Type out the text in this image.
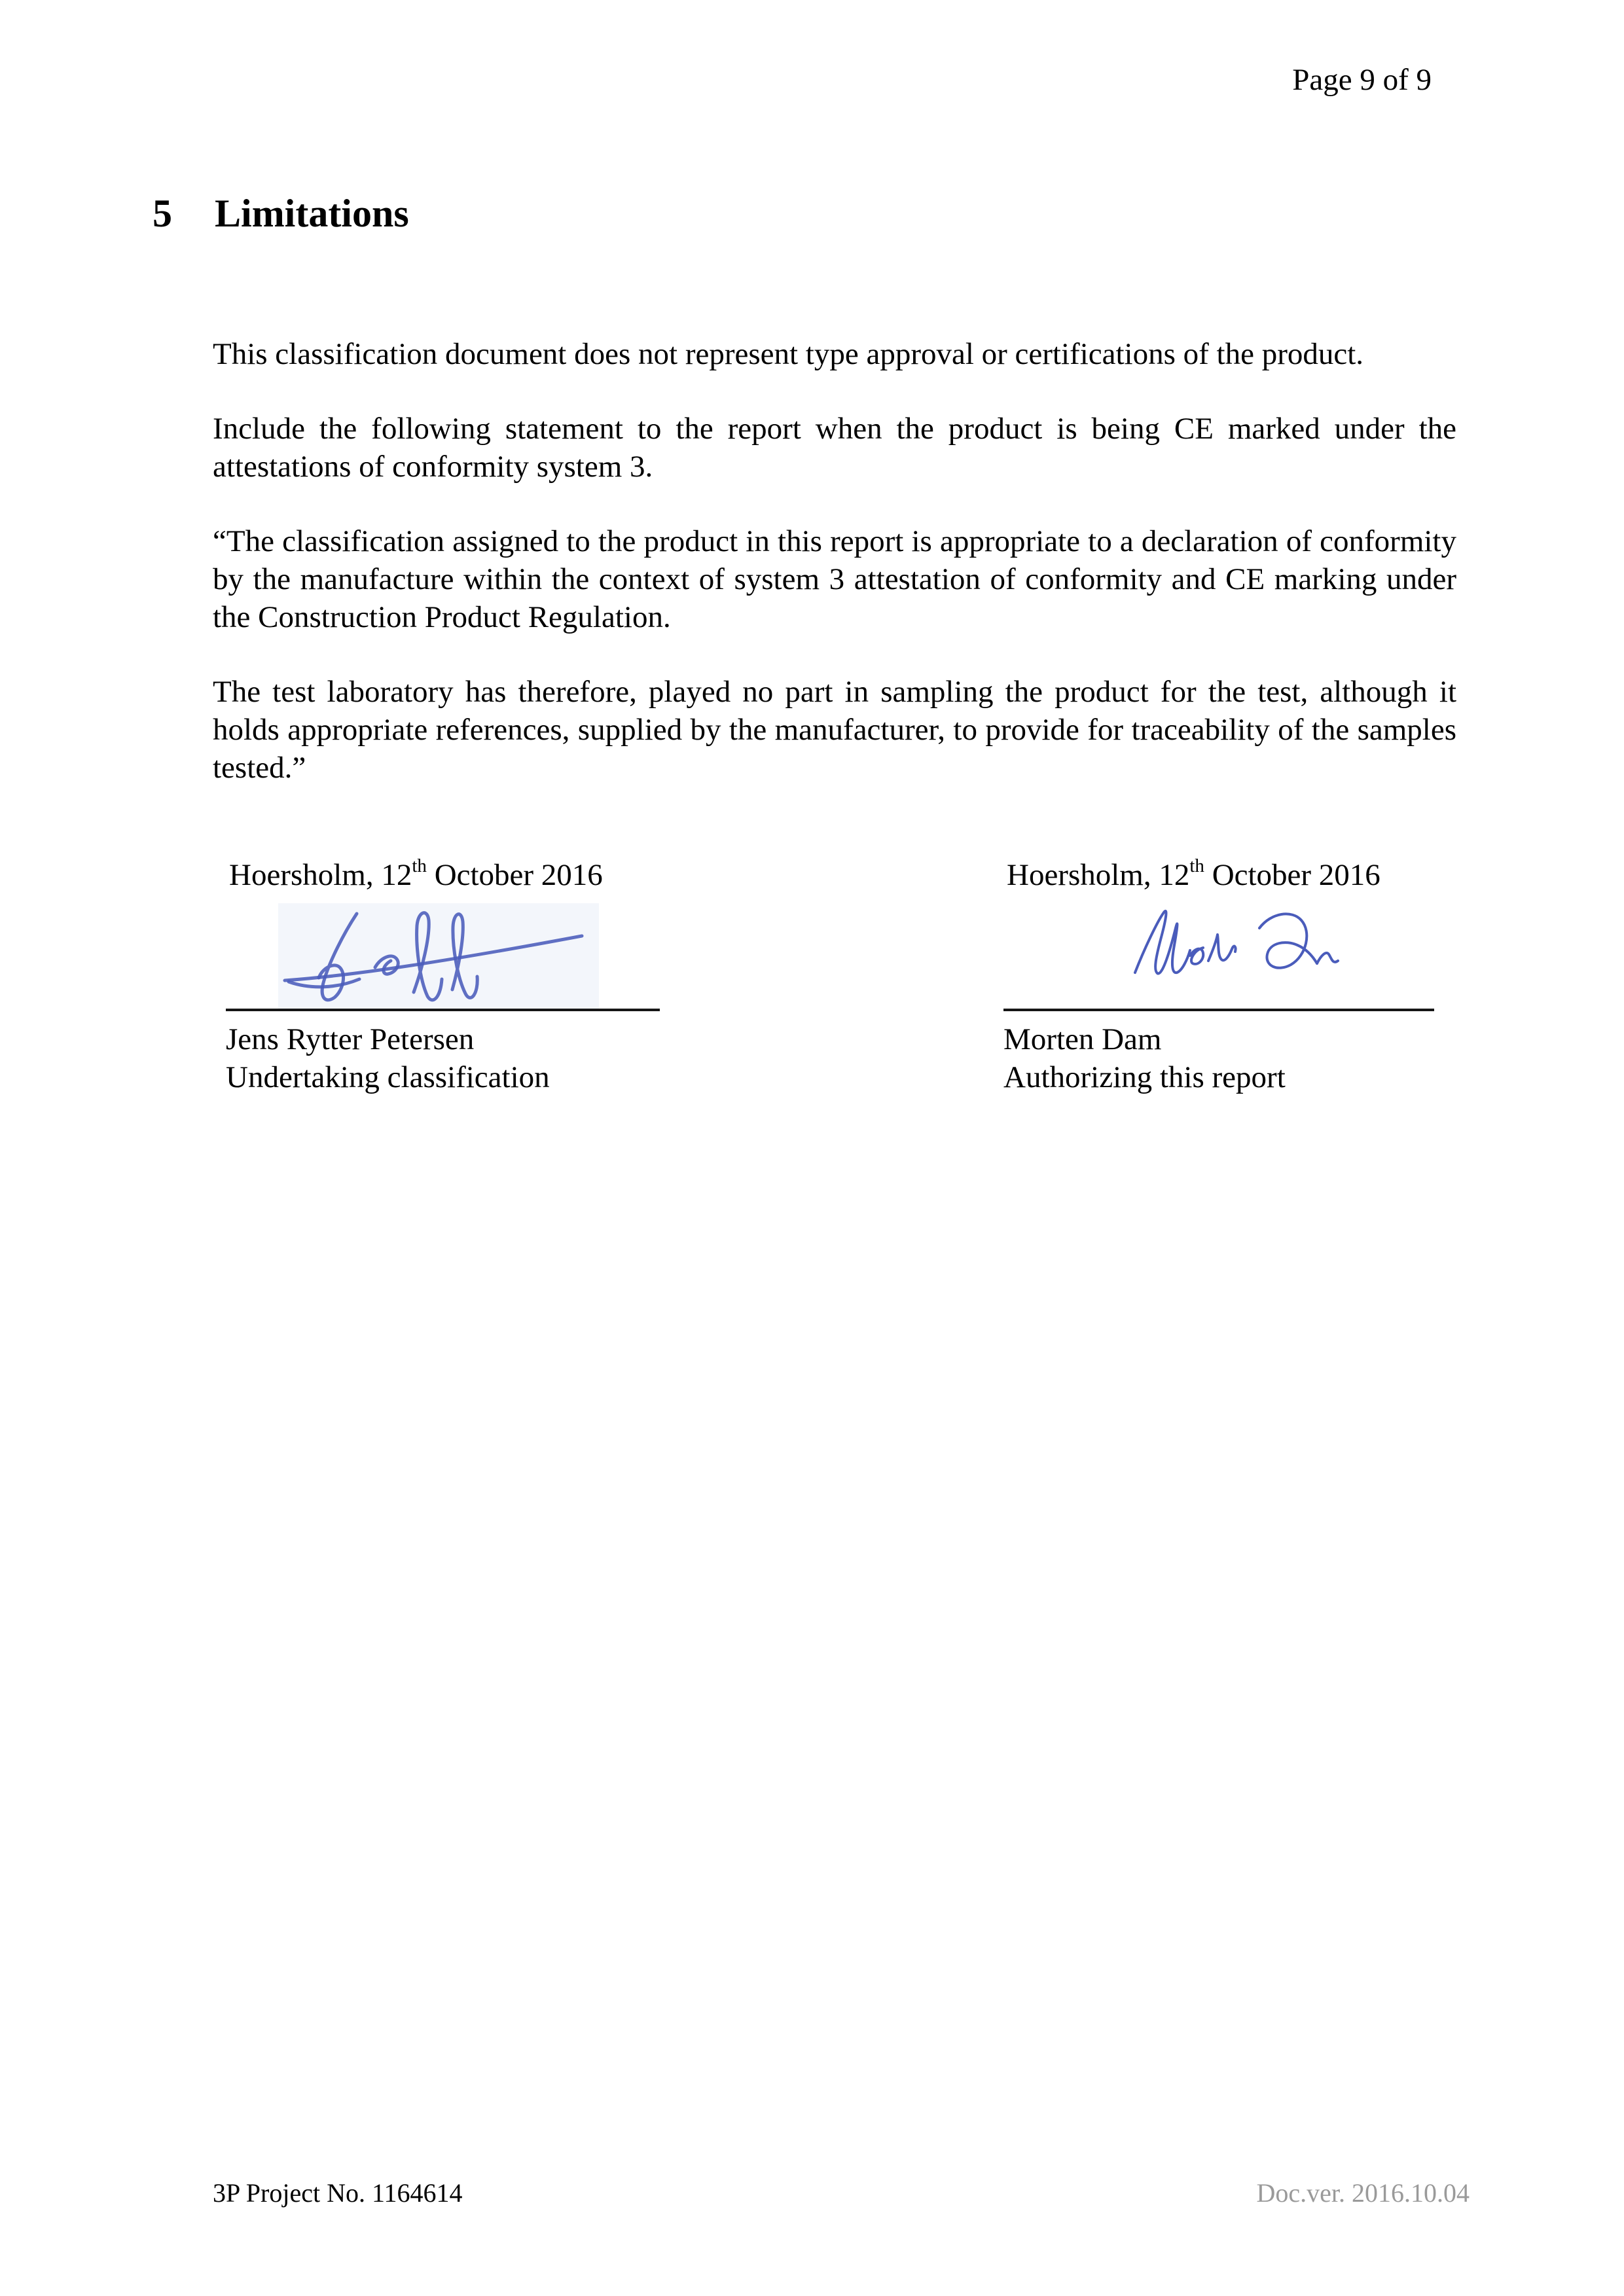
Page 9 of 9
5	Limitations

This classification document does not represent type approval or certifications of the product.

Include the following statement to the report when the product is being CE marked under the attestations of conformity system 3.

“The classification assigned to the product in this report is appropriate to a declaration of conformity by the manufacture within the context of system 3 attestation of conformity and CE marking under the Construction Product Regulation.

The test laboratory has therefore, played no part in sampling the product for the test, although it holds appropriate references, supplied by the manufacturer, to provide for traceability of the samples tested.”

Hoersholm, 12th October 2016
Jens Rytter Petersen
Undertaking classification
Hoersholm, 12th October 2016
Morten Dam
Authorizing this report
3P Project No. 1164614	Doc.ver. 2016.10.04
